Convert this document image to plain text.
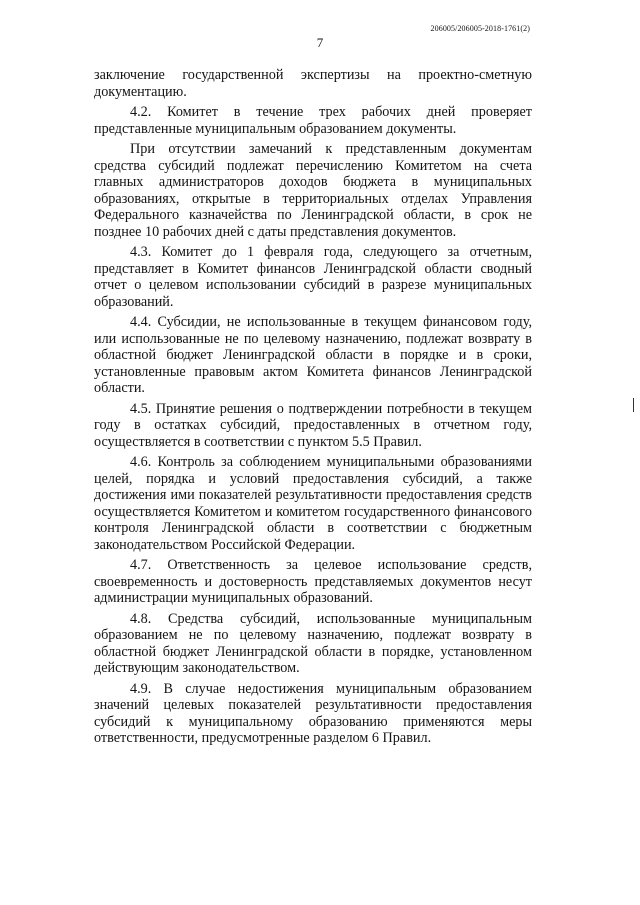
206005/206005-2018-1761(2)
7

заключение государственной экспертизы на проектно-сметную документацию.

4.2. Комитет в течение трех рабочих дней проверяет представленные муниципальным образованием документы.

При отсутствии замечаний к представленным документам средства субсидий подлежат перечислению Комитетом на счета главных администраторов доходов бюджета в муниципальных образованиях, открытые в территориальных отделах Управления Федерального казначейства по Ленинградской области, в срок не позднее 10 рабочих дней с даты представления документов.

4.3. Комитет до 1 февраля года, следующего за отчетным, представляет в Комитет финансов Ленинградской области сводный отчет о целевом использовании субсидий в разрезе муниципальных образований.

4.4. Субсидии, не использованные в текущем финансовом году, или использованные не по целевому назначению, подлежат возврату в областной бюджет Ленинградской области в порядке и в сроки, установленные правовым актом Комитета финансов Ленинградской области.

4.5. Принятие решения о подтверждении потребности в текущем году в остатках субсидий, предоставленных в отчетном году, осуществляется в соответствии с пунктом 5.5 Правил.

4.6. Контроль за соблюдением муниципальными образованиями целей, порядка и условий предоставления субсидий, а также достижения ими показателей результативности предоставления средств осуществляется Комитетом и комитетом государственного финансового контроля Ленинградской области в соответствии с бюджетным законодательством Российской Федерации.

4.7. Ответственность за целевое использование средств, своевременность и достоверность представляемых документов несут администрации муниципальных образований.

4.8. Средства субсидий, использованные муниципальным образованием не по целевому назначению, подлежат возврату в областной бюджет Ленинградской области в порядке, установленном действующим законодательством.

4.9. В случае недостижения муниципальным образованием значений целевых показателей результативности предоставления субсидий к муниципальному образованию применяются меры ответственности, предусмотренные разделом 6 Правил.
